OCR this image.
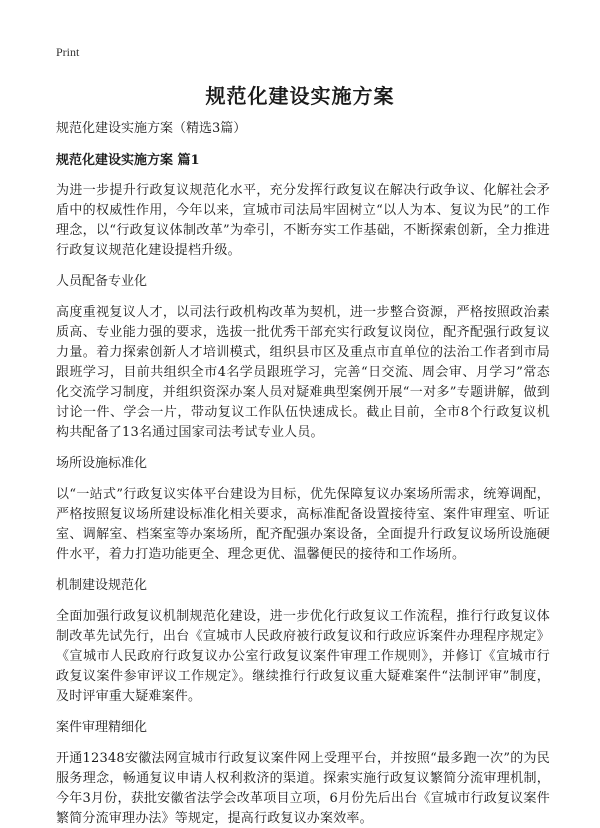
Print
规范化建设实施方案

规范化建设实施方案（精选3篇）

规范化建设实施方案 篇1

为进一步提升行政复议规范化水平，充分发挥行政复议在解决行政争议、化解社会矛盾中的权威性作用，今年以来，宣城市司法局牢固树立“以人为本、复议为民”的工作理念，以“行政复议体制改革”为牵引，不断夯实工作基础，不断探索创新，全力推进行政复议规范化建设提档升级。

人员配备专业化

高度重视复议人才，以司法行政机构改革为契机，进一步整合资源，严格按照政治素质高、专业能力强的要求，选拔一批优秀干部充实行政复议岗位，配齐配强行政复议力量。着力探索创新人才培训模式，组织县市区及重点市直单位的法治工作者到市局跟班学习，目前共组织全市4名学员跟班学习，完善“日交流、周会审、月学习”常态化交流学习制度，并组织资深办案人员对疑难典型案例开展“一对多”专题讲解，做到讨论一件、学会一片，带动复议工作队伍快速成长。截止目前，全市8个行政复议机构共配备了13名通过国家司法考试专业人员。

场所设施标准化

以“一站式”行政复议实体平台建设为目标，优先保障复议办案场所需求，统筹调配，严格按照复议场所建设标准化相关要求，高标准配备设置接待室、案件审理室、听证室、调解室、档案室等办案场所，配齐配强办案设备，全面提升行政复议场所设施硬件水平，着力打造功能更全、理念更优、温馨便民的接待和工作场所。

机制建设规范化

全面加强行政复议机制规范化建设，进一步优化行政复议工作流程，推行行政复议体制改革先试先行，出台《宣城市人民政府被行政复议和行政应诉案件办理程序规定》《宣城市人民政府行政复议办公室行政复议案件审理工作规则》，并修订《宣城市行政复议案件参审评议工作规定》。继续推行行政复议重大疑难案件“法制评审”制度，及时评审重大疑难案件。

案件审理精细化

开通12348安徽法网宣城市行政复议案件网上受理平台，并按照“最多跑一次”的为民服务理念，畅通复议申请人权利救济的渠道。探索实施行政复议繁简分流审理机制，今年3月份，获批安徽省法学会改革项目立项，6月份先后出台《宣城市行政复议案件繁简分流审理办法》等规定，提高行政复议办案效率。
